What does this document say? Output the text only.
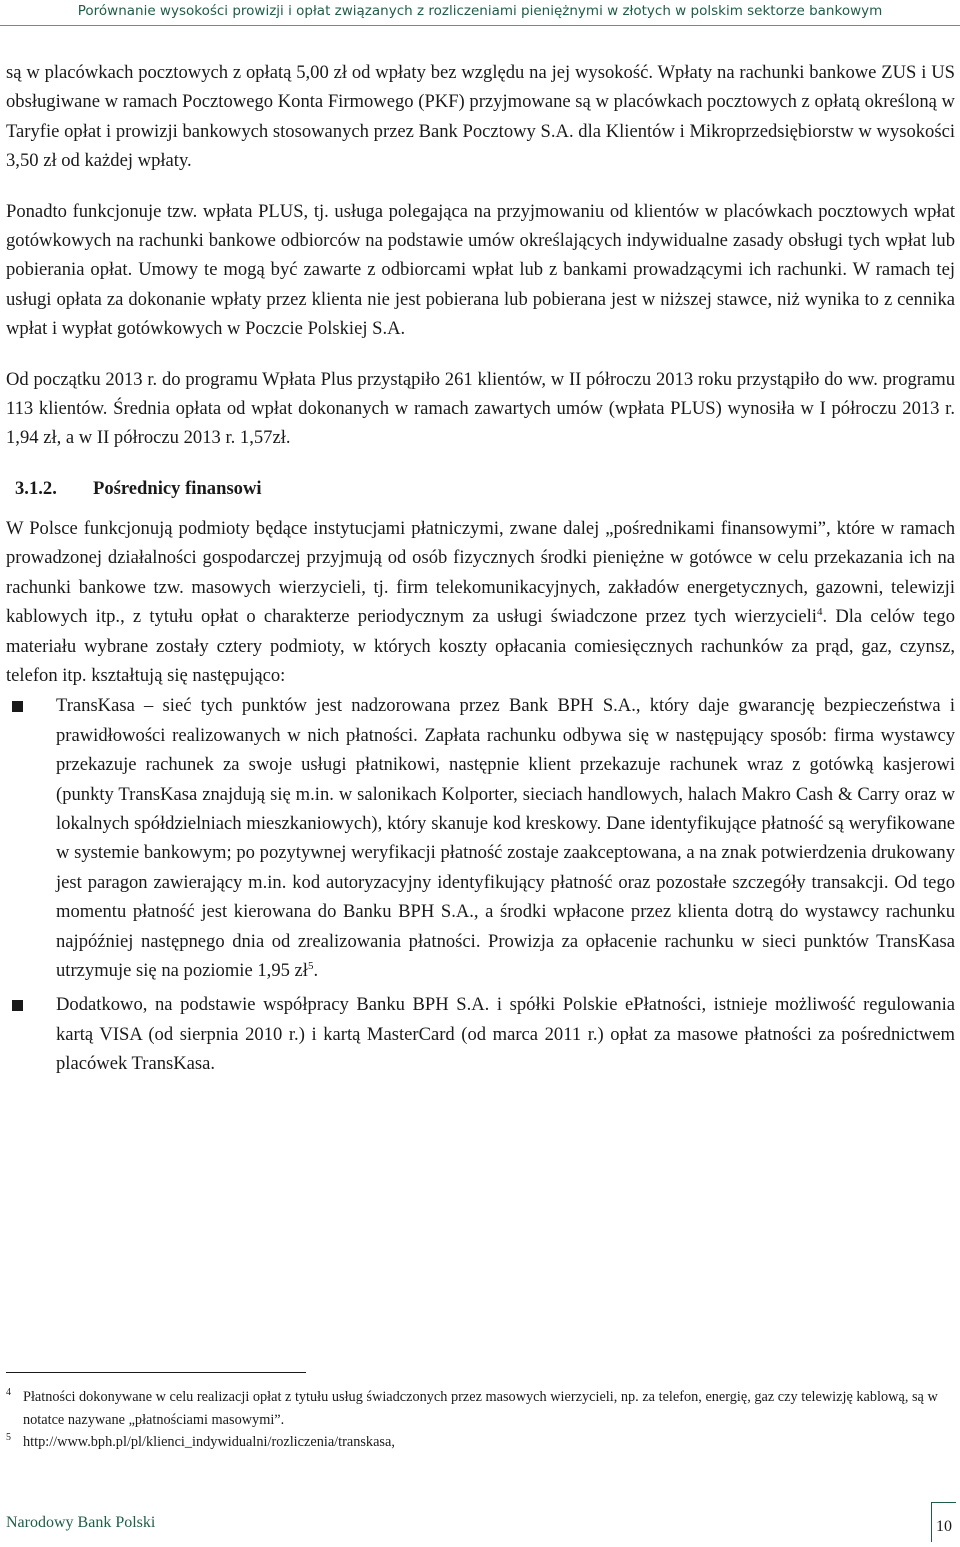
Porównanie wysokości prowizji i opłat związanych z rozliczeniami pieniężnymi w złotych w polskim sektorze bankowym

są w placówkach pocztowych z opłatą 5,00 zł od wpłaty bez względu na jej wysokość. Wpłaty na rachunki bankowe ZUS i US obsługiwane w ramach Pocztowego Konta Firmowego (PKF) przyjmowane są w placówkach pocztowych z opłatą określoną w Taryfie opłat i prowizji bankowych stosowanych przez Bank Pocztowy S.A. dla Klientów i Mikroprzedsiębiorstw w wysokości 3,50 zł od każdej wpłaty.

Ponadto funkcjonuje tzw. wpłata PLUS, tj. usługa polegająca na przyjmowaniu od klientów w placówkach pocztowych wpłat gotówkowych na rachunki bankowe odbiorców na podstawie umów określających indywidualne zasady obsługi tych wpłat lub pobierania opłat. Umowy te mogą być zawarte z odbiorcami wpłat lub z bankami prowadzącymi ich rachunki. W ramach tej usługi opłata za dokonanie wpłaty przez klienta nie jest pobierana lub pobierana jest w niższej stawce, niż wynika to z cennika wpłat i wypłat gotówkowych w Poczcie Polskiej S.A.

Od początku 2013 r. do programu Wpłata Plus przystąpiło 261 klientów, w II półroczu 2013 roku przystąpiło do ww. programu 113 klientów. Średnia opłata od wpłat dokonanych w ramach zawartych umów (wpłata PLUS) wynosiła w I półroczu 2013 r. 1,94 zł, a w II półroczu 2013 r. 1,57zł.

3.1.2. Pośrednicy finansowi

W Polsce funkcjonują podmioty będące instytucjami płatniczymi, zwane dalej „pośrednikami finansowymi”, które w ramach prowadzonej działalności gospodarczej przyjmują od osób fizycznych środki pieniężne w gotówce w celu przekazania ich na rachunki bankowe tzw. masowych wierzycieli, tj. firm telekomunikacyjnych, zakładów energetycznych, gazowni, telewizji kablowych itp., z tytułu opłat o charakterze periodycznym za usługi świadczone przez tych wierzycieli$^4$. Dla celów tego materiału wybrane zostały cztery podmioty, w których koszty opłacania comiesięcznych rachunków za prąd, gaz, czynsz, telefon itp. kształtują się następująco:

TransKasa – sieć tych punktów jest nadzorowana przez Bank BPH S.A., który daje gwarancję bezpieczeństwa i prawidłowości realizowanych w nich płatności. Zapłata rachunku odbywa się w następujący sposób: firma wystawcy przekazuje rachunek za swoje usługi płatnikowi, następnie klient przekazuje rachunek wraz z gotówką kasjerowi (punkty TransKasa znajdują się m.in. w salonikach Kolporter, sieciach handlowych, halach Makro Cash & Carry oraz w lokalnych spółdzielniach mieszkaniowych), który skanuje kod kreskowy. Dane identyfikujące płatność są weryfikowane w systemie bankowym; po pozytywnej weryfikacji płatność zostaje zaakceptowana, a na znak potwierdzenia drukowany jest paragon zawierający m.in. kod autoryzacyjny identyfikujący płatność oraz pozostałe szczegóły transakcji. Od tego momentu płatność jest kierowana do Banku BPH S.A., a środki wpłacone przez klienta dotrą do wystawcy rachunku najpóźniej następnego dnia od zrealizowania płatności. Prowizja za opłacenie rachunku w sieci punktów TransKasa utrzymuje się na poziomie 1,95 $zł^5$.
Dodatkowo, na podstawie współpracy Banku BPH S.A. i spółki Polskie ePłatności, istnieje możliwość regulowania kartą VISA (od sierpnia 2010 r.) i kartą MasterCard (od marca 2011 r.) opłat za masowe płatności za pośrednictwem placówek TransKasa.
4 Płatności dokonywane w celu realizacji opłat z tytułu usług świadczonych przez masowych wierzycieli, np. za telefon, energię, gaz czy telewizję kablową, są w notatce nazywane „płatnościami masowymi”.
5 http://www.bph.pl/pl/klienci_indywidualni/rozliczenia/transkasa,
Narodowy Bank Polski	10
